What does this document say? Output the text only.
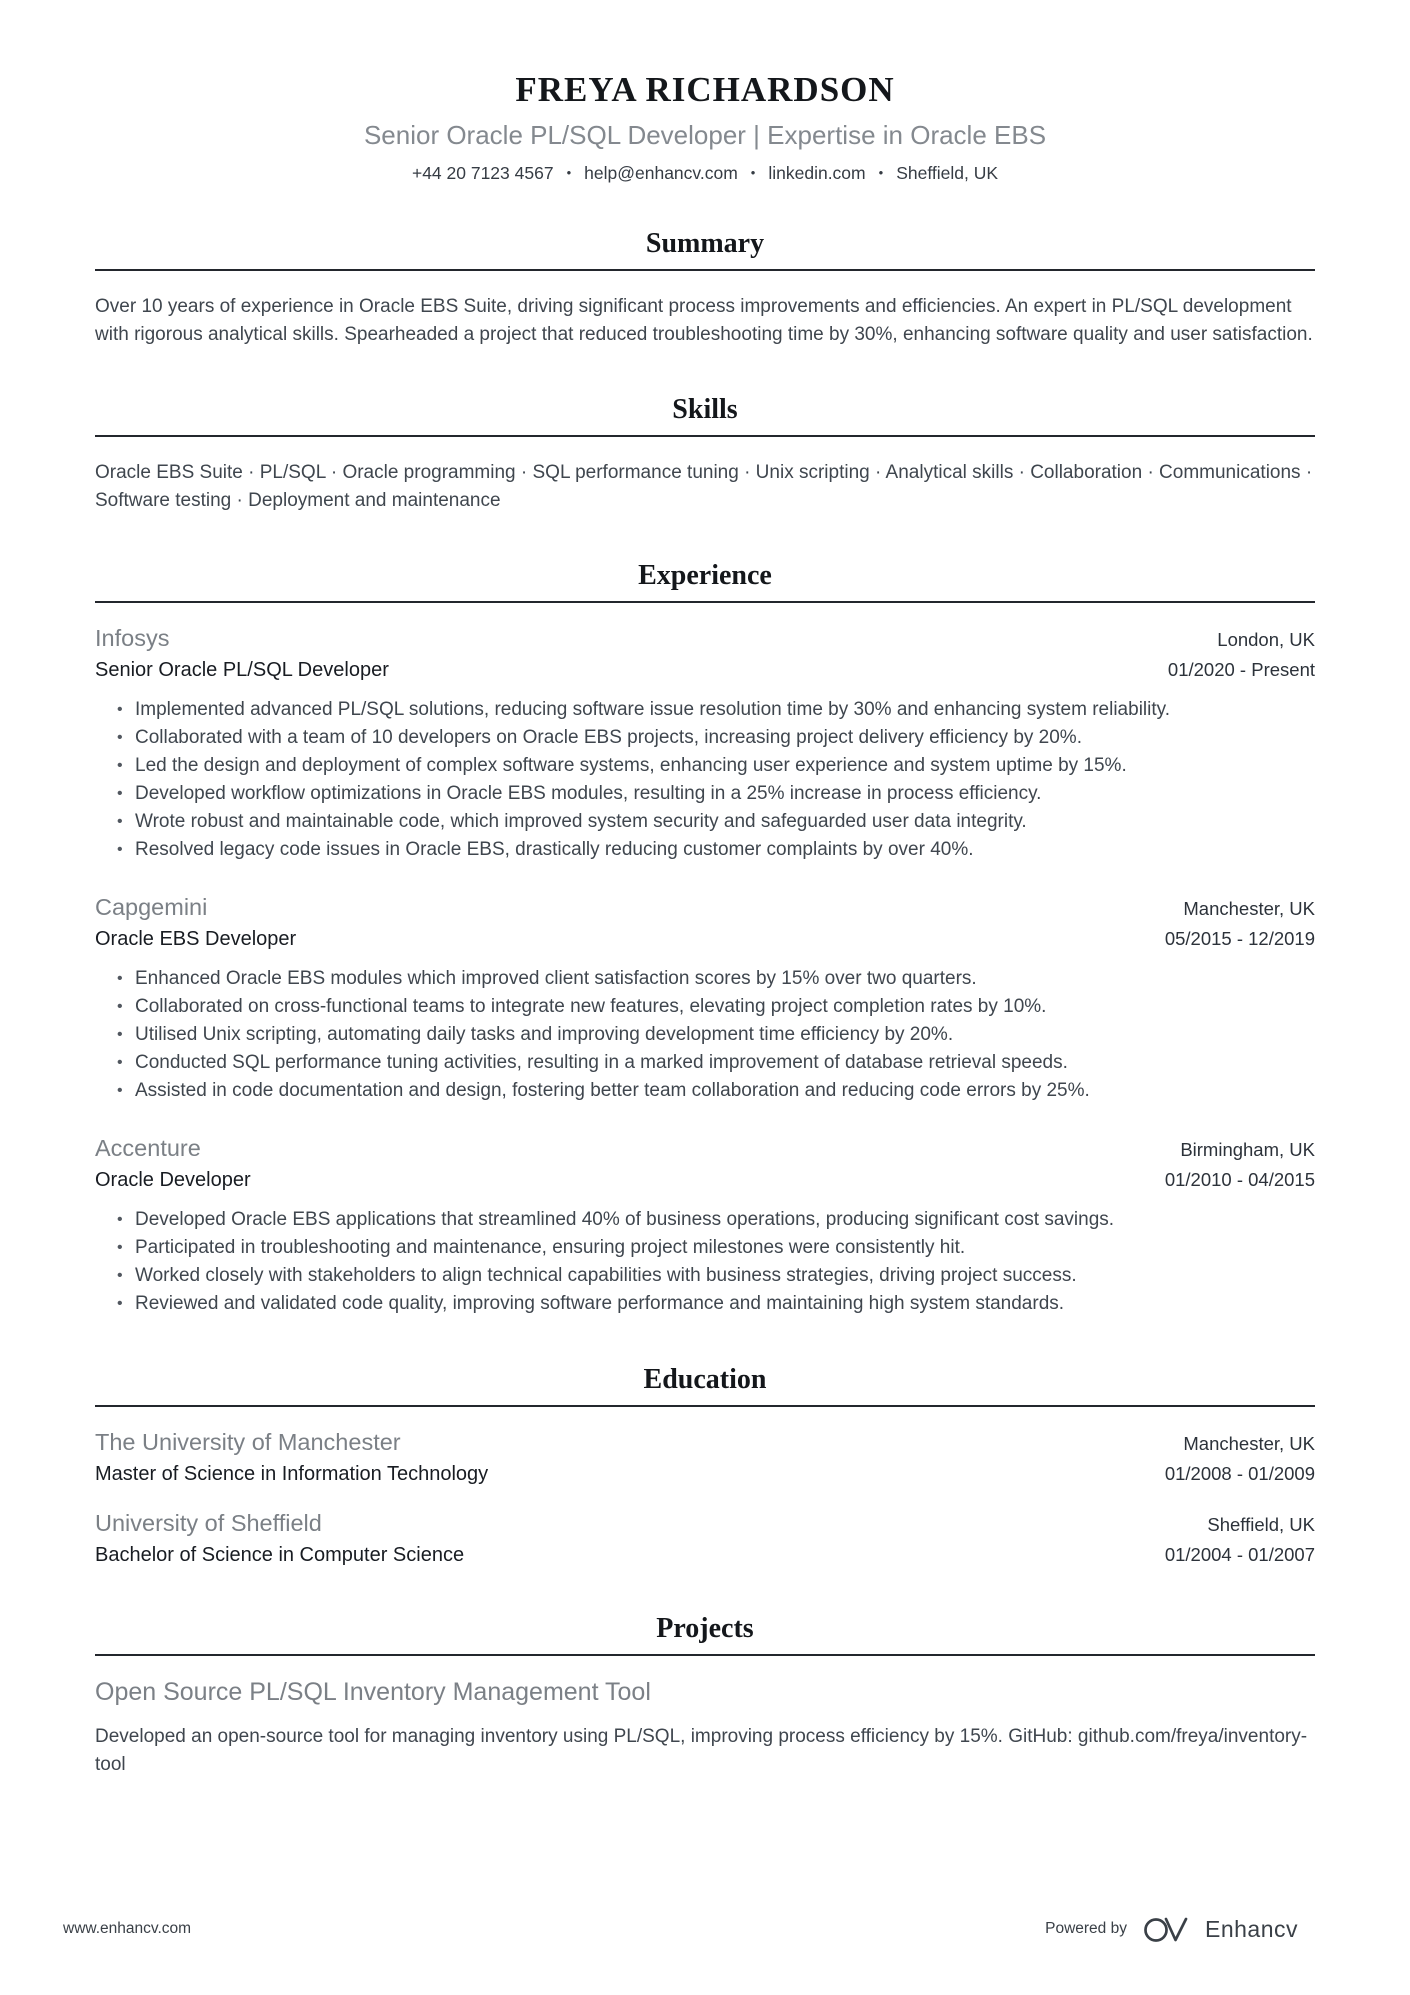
FREYA RICHARDSON
Senior Oracle PL/SQL Developer | Expertise in Oracle EBS
+44 20 7123 4567	• help@enhancv.com	• linkedin.com	• Sheffield, UK
Summary

Over 10 years of experience in Oracle EBS Suite, driving significant process improvements and efficiencies. An expert in PL/SQL development with rigorous analytical skills. Spearheaded a project that reduced troubleshooting time by 30%, enhancing software quality and user satisfaction.

Skills

Oracle EBS Suite · PL/SQL · Oracle programming · SQL performance tuning · Unix scripting · Analytical skills · Collaboration · Communications · Software testing · Deployment and maintenance

Experience
Infosys	London, UK
Senior Oracle PL/SQL Developer	01/2020 - Present
• Implemented advanced PL/SQL solutions, reducing software issue resolution time by 30% and enhancing system reliability.
• Collaborated with a team of 10 developers on Oracle EBS projects, increasing project delivery efficiency by 20%.
• Led the design and deployment of complex software systems, enhancing user experience and system uptime by 15%.
• Developed workflow optimizations in Oracle EBS modules, resulting in a 25% increase in process efficiency.
• Wrote robust and maintainable code, which improved system security and safeguarded user data integrity.
• Resolved legacy code issues in Oracle EBS, drastically reducing customer complaints by over 40%.
Capgemini	Manchester, UK
Oracle EBS Developer	05/2015 - 12/2019
• Enhanced Oracle EBS modules which improved client satisfaction scores by 15% over two quarters.
• Collaborated on cross-functional teams to integrate new features, elevating project completion rates by 10%.
• Utilised Unix scripting, automating daily tasks and improving development time efficiency by 20%.
• Conducted SQL performance tuning activities, resulting in a marked improvement of database retrieval speeds.
• Assisted in code documentation and design, fostering better team collaboration and reducing code errors by 25%.
Accenture	Birmingham, UK
Oracle Developer	01/2010 - 04/2015
• Developed Oracle EBS applications that streamlined 40% of business operations, producing significant cost savings.
• Participated in troubleshooting and maintenance, ensuring project milestones were consistently hit.
• Worked closely with stakeholders to align technical capabilities with business strategies, driving project success.
• Reviewed and validated code quality, improving software performance and maintaining high system standards.
Education
The University of Manchester	Manchester, UK
Master of Science in Information Technology	01/2008 - 01/2009
University of Sheffield	Sheffield, UK
Bachelor of Science in Computer Science	01/2004 - 01/2007
Projects
Open Source PL/SQL Inventory Management Tool

Developed an open-source tool for managing inventory using PL/SQL, improving process efficiency by 15%. GitHub: github.com/freya/inventory-tool

www.enhancv.com	Powered by	Enhancv
